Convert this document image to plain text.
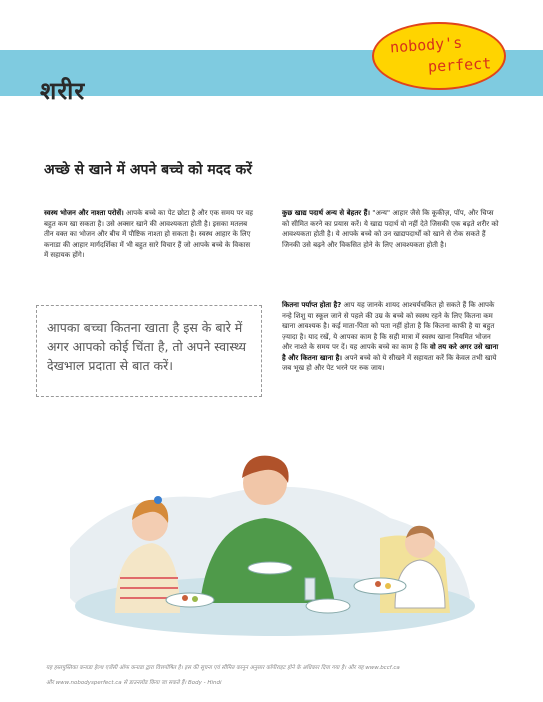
शरीर
nobody's
perfect
अच्छे से खाने में अपने बच्चे को मदद करें
स्वस्थ भोजन और नाश्ता परोसें। आपके बच्चे का पेट छोटा है और एक समय पर वह बहुत कम खा सकता है। उसे अक्सर खाने की आवश्यकता होती है। इसका मतलब तीन वक्त का भोजन और बीच में पौष्टिक नाश्ता हो सकता है। स्वस्थ आहार के लिए कनाडा की आहार मार्गदर्शिका में भी बहुत सारे विचार हैं जो आपके बच्चे के विकास में सहायक होंगे।
आपका बच्चा कितना खाता है इस के बारे में अगर आपको कोई चिंता है, तो अपने स्वास्थ्य देखभाल प्रदाता से बात करें।
कुछ खाद्य पदार्थ अन्य से बेहतर हैं। "अन्य" आहार जैसे कि कूकीज़, पॉप, और चिप्स को सीमित करने का प्रयास करें। ये खाद्य पदार्थ वो नहीं देते जिसकी एक बढ़ते शरीर को आवश्यकता होती है। ये आपके बच्चे को उन खाद्यपदार्थों को खाने से रोक सकते हैं जिनकी उसे बढ़ने और विकसित होने के लिए आवश्यकता होती है।
कितना पर्याप्त होता है? आप यह जानके शायद आश्चर्यचकित हो सकते हैं कि आपके नन्हे शिशु या स्कूल जाने से पहले की उम्र के बच्चे को स्वस्थ रहने के लिए कितना कम खाना आवश्यक है। कई माता-पिता को पता नहीं होता है कि कितना काफी है या बहुत ज़्यादा है। याद रखें, ये आपका काम है कि सही मात्रा में स्वस्थ खाना नियमित भोजन और नाश्ते के समय पर दें। यह आपके बच्चे का काम है कि वो तय करे अगर उसे खाना है और कितना खाना है। अपने बच्चे को ये सीखने में सहायता करें कि केवल तभी खाये जब भूख हो और पेट भरने पर रुक जाय।
यह हस्तपुस्तिका कनाडा हेल्थ एजेंसी ऑफ कनाडा द्वारा वित्तपोषित है। इस की सूचना एवं सीमित कानून अनुसार कॉपीराइट होने के अधिकार दिया गया है। और यह www.bccf.ca
और www.nobodysperfect.ca से डाउनलोड किया जा सकते हैं। Body - Hindi
